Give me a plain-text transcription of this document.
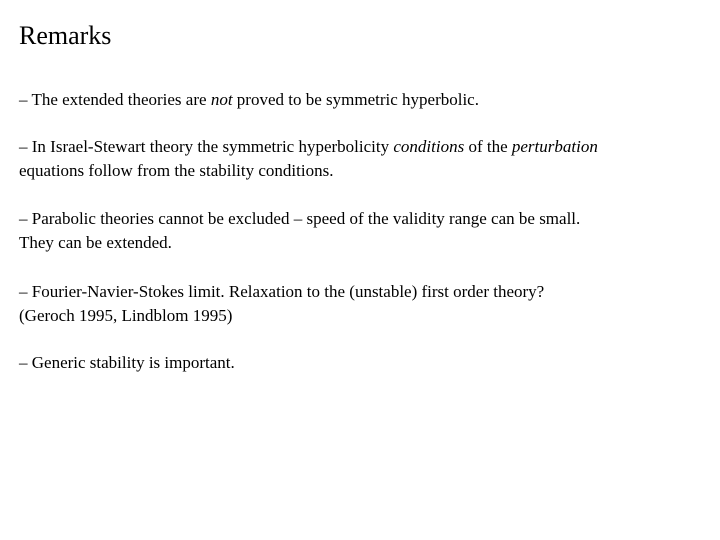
Remarks
– The extended theories are not proved to be symmetric hyperbolic.
– In Israel-Stewart theory the symmetric hyperbolicity conditions of the perturbation
equations follow from the stability conditions.
– Parabolic theories cannot be excluded – speed of the validity range can be small.
They can be extended.
– Fourier-Navier-Stokes limit. Relaxation to the (unstable) first order theory?
(Geroch 1995, Lindblom 1995)
– Generic stability is important.
